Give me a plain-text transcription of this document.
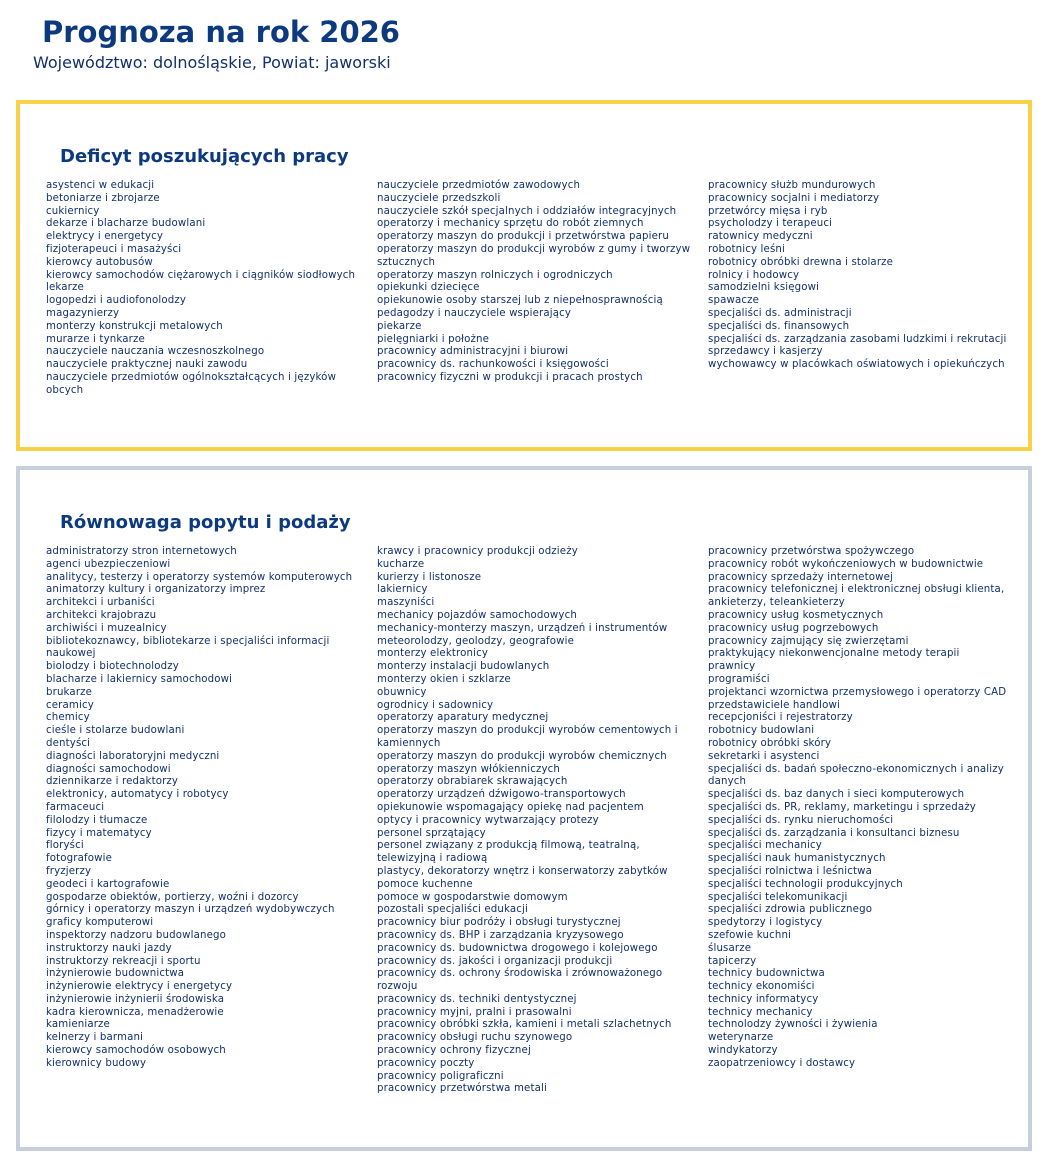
Prognoza na rok 2026

Województwo: dolnośląskie, Powiat: jaworski

Deficyt poszukujących pracy
asystenci w edukacji
betoniarze i zbrojarze
cukiernicy
dekarze i blacharze budowlani
elektrycy i energetycy
fizjoterapeuci i masażyści
kierowcy autobusów
kierowcy samochodów ciężarowych i ciągników siodłowych
lekarze
logopedzi i audiofonolodzy
magazynierzy
monterzy konstrukcji metalowych
murarze i tynkarze
nauczyciele nauczania wczesnoszkolnego
nauczyciele praktycznej nauki zawodu
nauczyciele przedmiotów ogólnokształcących i języków obcych
nauczyciele przedmiotów zawodowych
nauczyciele przedszkoli
nauczyciele szkół specjalnych i oddziałów integracyjnych
operatorzy i mechanicy sprzętu do robót ziemnych
operatorzy maszyn do produkcji i przetwórstwa papieru
operatorzy maszyn do produkcji wyrobów z gumy i tworzyw sztucznych
operatorzy maszyn rolniczych i ogrodniczych
opiekunki dziecięce
opiekunowie osoby starszej lub z niepełnosprawnością
pedagodzy i nauczyciele wspierający
piekarze
pielęgniarki i położne
pracownicy administracyjni i biurowi
pracownicy ds. rachunkowości i księgowości
pracownicy fizyczni w produkcji i pracach prostych
pracownicy służb mundurowych
pracownicy socjalni i mediatorzy
przetwórcy mięsa i ryb
psycholodzy i terapeuci
ratownicy medyczni
robotnicy leśni
robotnicy obróbki drewna i stolarze
rolnicy i hodowcy
samodzielni księgowi
spawacze
specjaliści ds. administracji
specjaliści ds. finansowych
specjaliści ds. zarządzania zasobami ludzkimi i rekrutacji
sprzedawcy i kasjerzy
wychowawcy w placówkach oświatowych i opiekuńczych
Równowaga popytu i podaży
administratorzy stron internetowych
agenci ubezpieczeniowi
analitycy, testerzy i operatorzy systemów komputerowych
animatorzy kultury i organizatorzy imprez
architekci i urbaniści
architekci krajobrazu
archiwiści i muzealnicy
bibliotekoznawcy, bibliotekarze i specjaliści informacji naukowej
biolodzy i biotechnolodzy
blacharze i lakiernicy samochodowi
brukarze
ceramicy
chemicy
cieśle i stolarze budowlani
dentyści
diagności laboratoryjni medyczni
diagności samochodowi
dziennikarze i redaktorzy
elektronicy, automatycy i robotycy
farmaceuci
filolodzy i tłumacze
fizycy i matematycy
floryści
fotografowie
fryzjerzy
geodeci i kartografowie
gospodarze obiektów, portierzy, woźni i dozorcy
górnicy i operatorzy maszyn i urządzeń wydobywczych
graficy komputerowi
inspektorzy nadzoru budowlanego
instruktorzy nauki jazdy
instruktorzy rekreacji i sportu
inżynierowie budownictwa
inżynierowie elektrycy i energetycy
inżynierowie inżynierii środowiska
kadra kierownicza, menadżerowie
kamieniarze
kelnerzy i barmani
kierowcy samochodów osobowych
kierownicy budowy
krawcy i pracownicy produkcji odzieży
kucharze
kurierzy i listonosze
lakiernicy
maszyniści
mechanicy pojazdów samochodowych
mechanicy-monterzy maszyn, urządzeń i instrumentów
meteorolodzy, geolodzy, geografowie
monterzy elektronicy
monterzy instalacji budowlanych
monterzy okien i szklarze
obuwnicy
ogrodnicy i sadownicy
operatorzy aparatury medycznej
operatorzy maszyn do produkcji wyrobów cementowych i kamiennych
operatorzy maszyn do produkcji wyrobów chemicznych
operatorzy maszyn włókienniczych
operatorzy obrabiarek skrawających
operatorzy urządzeń dźwigowo-transportowych
opiekunowie wspomagający opiekę nad pacjentem
optycy i pracownicy wytwarzający protezy
personel sprzątający
personel związany z produkcją filmową, teatralną, telewizyjną i radiową
plastycy, dekoratorzy wnętrz i konserwatorzy zabytków
pomoce kuchenne
pomoce w gospodarstwie domowym
pozostali specjaliści edukacji
pracownicy biur podróży i obsługi turystycznej
pracownicy ds. BHP i zarządzania kryzysowego
pracownicy ds. budownictwa drogowego i kolejowego
pracownicy ds. jakości i organizacji produkcji
pracownicy ds. ochrony środowiska i zrównoważonego rozwoju
pracownicy ds. techniki dentystycznej
pracownicy myjni, pralni i prasowalni
pracownicy obróbki szkła, kamieni i metali szlachetnych
pracownicy obsługi ruchu szynowego
pracownicy ochrony fizycznej
pracownicy poczty
pracownicy poligraficzni
pracownicy przetwórstwa metali
pracownicy przetwórstwa spożywczego
pracownicy robót wykończeniowych w budownictwie
pracownicy sprzedaży internetowej
pracownicy telefonicznej i elektronicznej obsługi klienta, ankieterzy, teleankieterzy
pracownicy usług kosmetycznych
pracownicy usług pogrzebowych
pracownicy zajmujący się zwierzętami
praktykujący niekonwencjonalne metody terapii
prawnicy
programiści
projektanci wzornictwa przemysłowego i operatorzy CAD
przedstawiciele handlowi
recepcjoniści i rejestratorzy
robotnicy budowlani
robotnicy obróbki skóry
sekretarki i asystenci
specjaliści ds. badań społeczno-ekonomicznych i analizy danych
specjaliści ds. baz danych i sieci komputerowych
specjaliści ds. PR, reklamy, marketingu i sprzedaży
specjaliści ds. rynku nieruchomości
specjaliści ds. zarządzania i konsultanci biznesu
specjaliści mechanicy
specjaliści nauk humanistycznych
specjaliści rolnictwa i leśnictwa
specjaliści technologii produkcyjnych
specjaliści telekomunikacji
specjaliści zdrowia publicznego
spedytorzy i logistycy
szefowie kuchni
ślusarze
tapicerzy
technicy budownictwa
technicy ekonomiści
technicy informatycy
technicy mechanicy
technolodzy żywności i żywienia
weterynarze
windykatorzy
zaopatrzeniowcy i dostawcy
